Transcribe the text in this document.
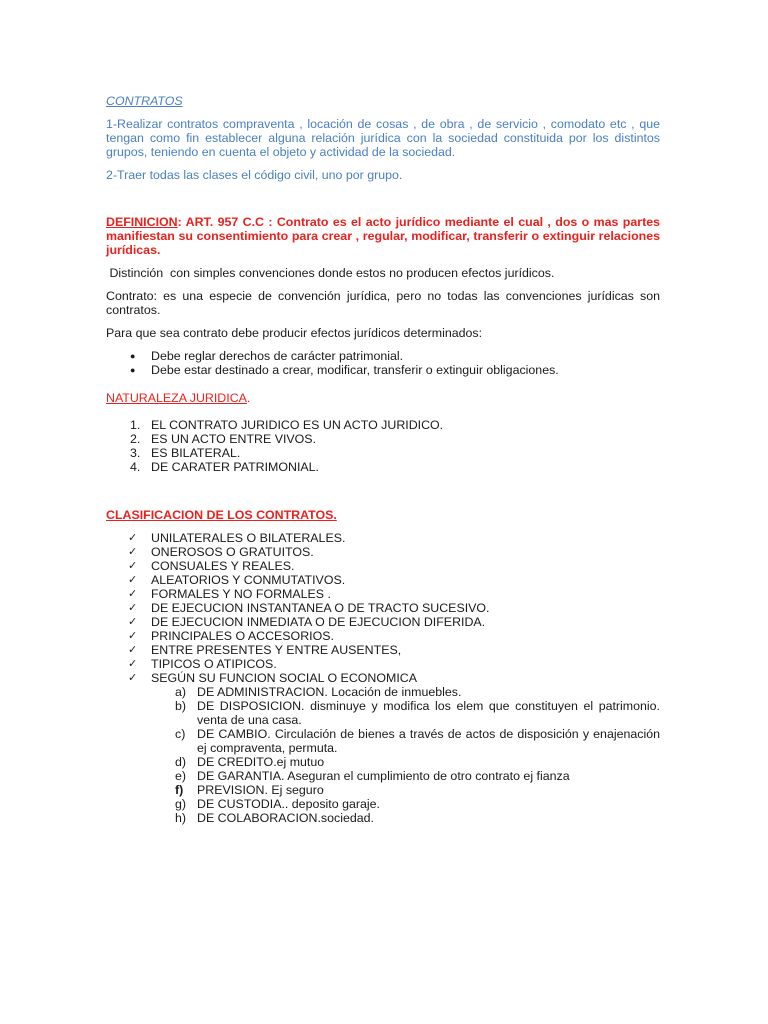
CONTRATOS

1-Realizar contratos compraventa , locación de cosas , de obra , de servicio , comodato etc , que tengan como fin establecer alguna relación jurídica con la sociedad constituida por los distintos grupos, teniendo en cuenta el objeto y actividad de la sociedad.

2-Traer todas las clases el código civil, uno por grupo.

DEFINICION: ART. 957 C.C : Contrato es el acto jurídico mediante el cual , dos o mas partes manifiestan su consentimiento para crear , regular, modificar, transferir o extinguir relaciones jurídicas.

Distinción  con simples convenciones donde estos no producen efectos jurídicos.

Contrato: es una especie de convención jurídica, pero no todas las convenciones jurídicas son contratos.

Para que sea contrato debe producir efectos jurídicos determinados:

● Debe reglar derechos de carácter patrimonial.
● Debe estar destinado a crear, modificar, transferir o extinguir obligaciones.

NATURALEZA JURIDICA.

1. EL CONTRATO JURIDICO ES UN ACTO JURIDICO.
2. ES UN ACTO ENTRE VIVOS.
3. ES BILATERAL.
4. DE CARATER PATRIMONIAL.

CLASIFICACION DE LOS CONTRATOS.

✓ UNILATERALES O BILATERALES.
✓ ONEROSOS O GRATUITOS.
✓ CONSUALES Y REALES.
✓ ALEATORIOS Y CONMUTATIVOS.
✓ FORMALES Y NO FORMALES .
✓ DE EJECUCION INSTANTANEA O DE TRACTO SUCESIVO.
✓ DE EJECUCION INMEDIATA O DE EJECUCION DIFERIDA.
✓ PRINCIPALES O ACCESORIOS.
✓ ENTRE PRESENTES Y ENTRE AUSENTES,
✓ TIPICOS O ATIPICOS.
✓ SEGÚN SU FUNCION SOCIAL O ECONOMICA
a) DE ADMINISTRACION. Locación de inmuebles.
b) DE DISPOSICION. disminuye y modifica los elem que constituyen el patrimonio. venta de una casa.

c) DE CAMBIO. Circulación de bienes a través de actos de disposición y enajenación ej compraventa, permuta.

d) DE CREDITO.ej mutuo
e) DE GARANTIA. Aseguran el cumplimiento de otro contrato ej fianza
f) PREVISION. Ej seguro
g) DE CUSTODIA.. deposito garaje.
h) DE COLABORACION.sociedad.
